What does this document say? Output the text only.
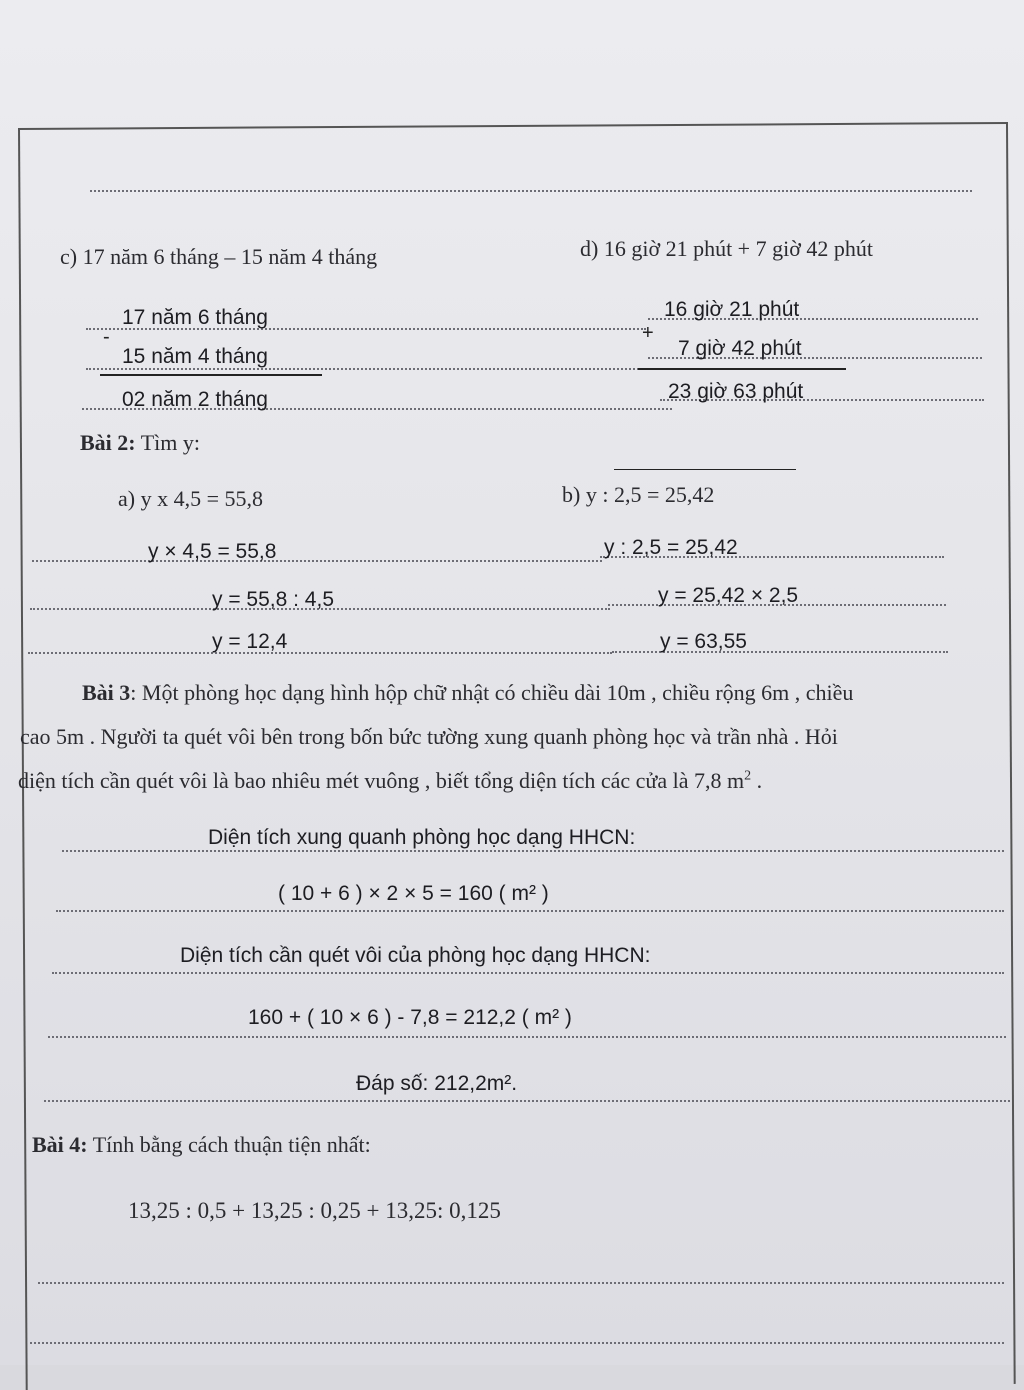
c) 17 năm 6 tháng – 15 năm 4 tháng	d) 16 giờ 21 phút + 7 giờ 42 phút
17 năm 6 tháng
-
15 năm 4 tháng
02 năm 2 tháng
16 giờ 21 phút
+
7 giờ 42 phút
23 giờ 63 phút
Bài 2: Tìm y:
a) y x 4,5 = 55,8	b) y : 2,5 = 25,42
y × 4,5 = 55,8	y : 2,5 = 25,42
y = 55,8 : 4,5	y = 25,42 × 2,5
y = 12,4	y = 63,55
Bài 3: Một phòng học dạng hình hộp chữ nhật có chiều dài 10m , chiều rộng 6m , chiều
cao 5m . Người ta quét vôi bên trong bốn bức tường xung quanh phòng học và trần nhà . Hỏi
diện tích cần quét vôi là bao nhiêu mét vuông , biết tổng diện tích các cửa là 7,8 $m^2$ .
Diện tích xung quanh phòng học dạng HHCN:
( 10 + 6 ) × 2 × 5 = 160 ( m² )
Diện tích cần quét vôi của phòng học dạng HHCN:
160 + ( 10 × 6 ) - 7,8 = 212,2 ( m² )
Đáp số: 212,2m².
Bài 4: Tính bằng cách thuận tiện nhất:
13,25 : 0,5 + 13,25 : 0,25 + 13,25: 0,125
